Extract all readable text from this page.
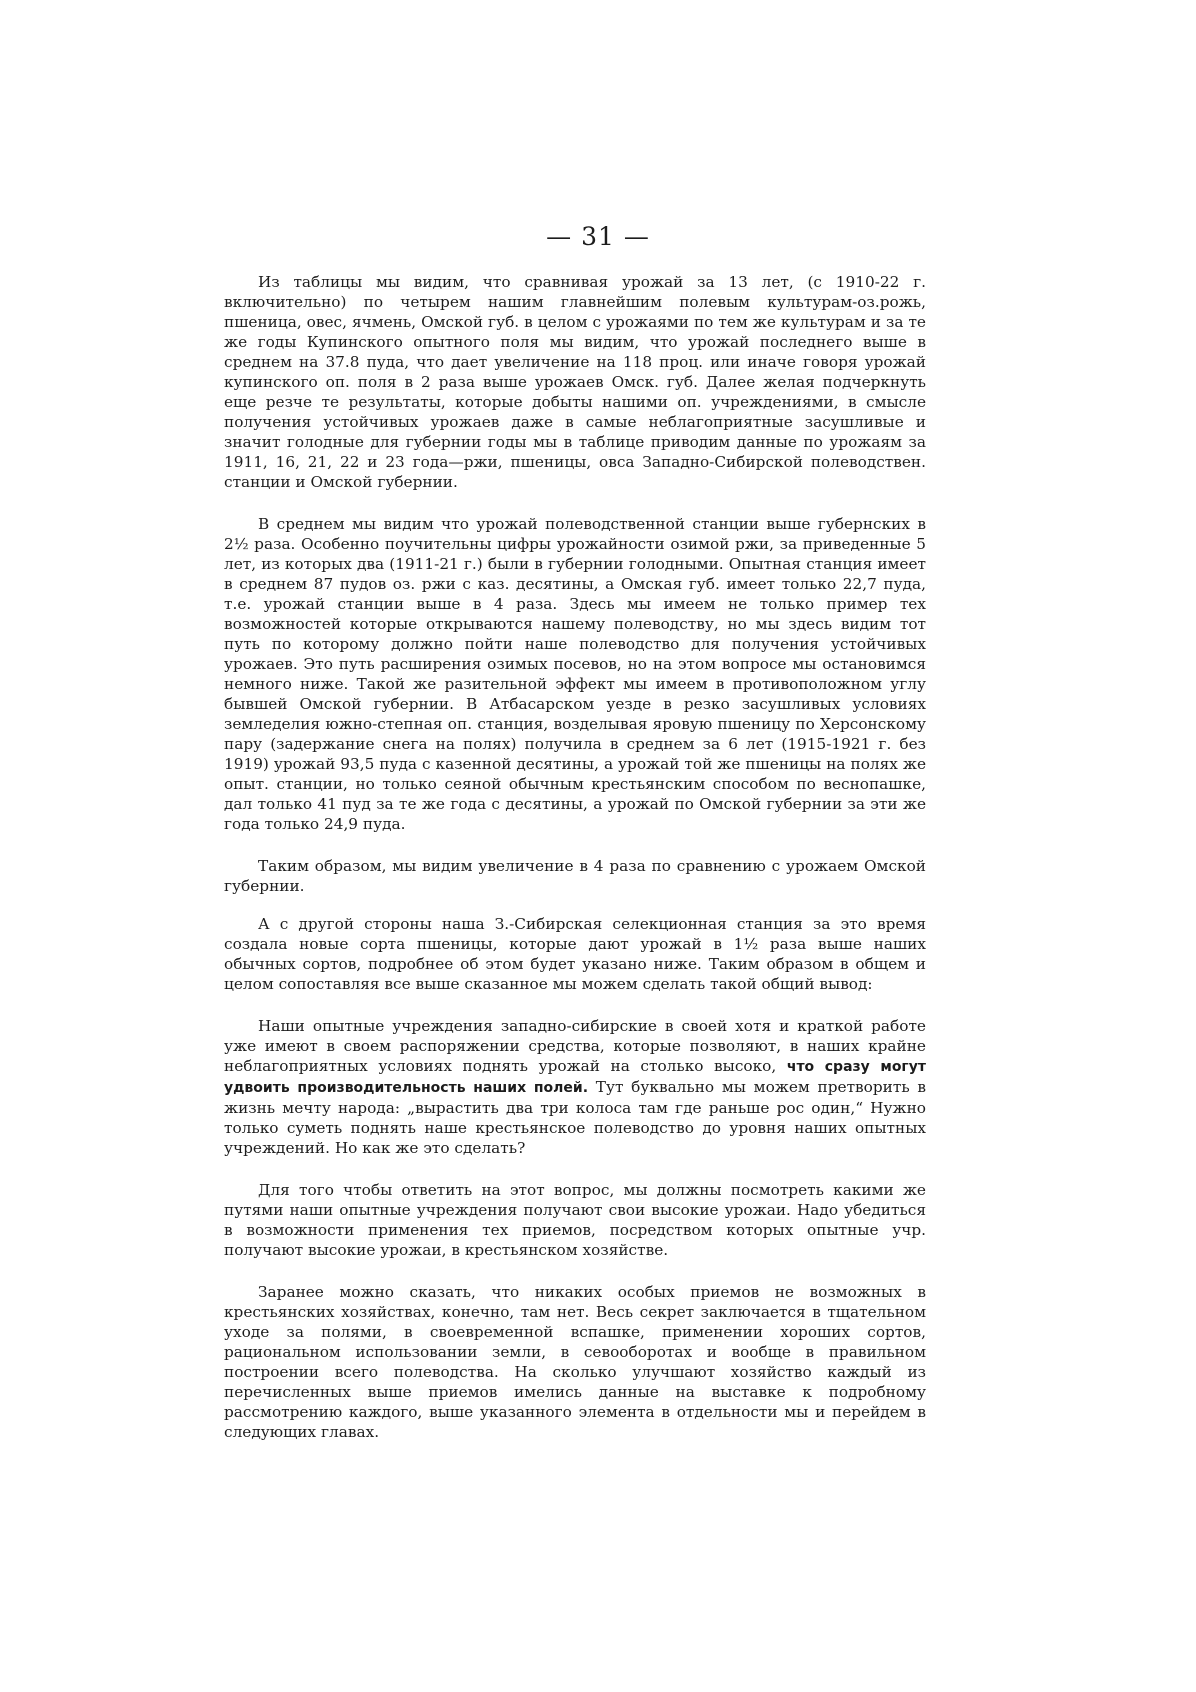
— 31 —

Из таблицы мы видим, что сравнивая урожай за 13 лет, (с 1910-22 г. включительно) по четырем нашим главнейшим полевым культурам-оз.рожь, пшеница, овес, ячмень, Омской губ. в целом с урожаями по тем же культурам и за те же годы Купинского опытного поля мы видим, что урожай последнего выше в среднем на 37.8 пуда, что дает увеличение на 118 проц. или иначе говоря урожай купинского оп. поля в 2 раза выше урожаев Омск. губ. Далее желая подчеркнуть еще резче те результаты, которые добыты нашими оп. учреждениями, в смысле получения устойчивых урожаев даже в самые неблагоприятные засушливые и значит голодные для губернии годы мы в таблице приводим данные по урожаям за 1911, 16, 21, 22 и 23 года—ржи, пшеницы, овса Западно-Сибирской полеводствен. станции и Омской губернии.

В среднем мы видим что урожай полеводственной станции выше губернских в 2½ раза. Особенно поучительны цифры урожайности озимой ржи, за приведенные 5 лет, из которых два (1911-21 г.) были в губернии голодными. Опытная станция имеет в среднем 87 пудов оз. ржи с каз. десятины, а Омская губ. имеет только 22,7 пуда, т.е. урожай станции выше в 4 раза. Здесь мы имеем не только пример тех возможностей которые открываются нашему полеводству, но мы здесь видим тот путь по которому должно пойти наше полеводство для получения устойчивых урожаев. Это путь расширения озимых посевов, но на этом вопросе мы остановимся немного ниже. Такой же разительной эффект мы имеем в противоположном углу бывшей Омской губернии. В Атбасарском уезде в резко засушливых условиях земледелия южно-степная оп. станция, возделывая яровую пшеницу по Херсонскому пару (задержание снега на полях) получила в среднем за 6 лет (1915-1921 г. без 1919) урожай 93,5 пуда с казенной десятины, а урожай той же пшеницы на полях же опыт. станции, но только сеяной обычным крестьянским способом по веснопашке, дал только 41 пуд за те же года с десятины, а урожай по Омской губернии за эти же года только 24,9 пуда.

Таким образом, мы видим увеличение в 4 раза по сравнению с урожаем Омской губернии.

А с другой стороны наша З.-Сибирская селекционная станция за это время создала новые сорта пшеницы, которые дают урожай в 1½ раза выше наших обычных сортов, подробнее об этом будет указано ниже. Таким образом в общем и целом сопоставляя все выше сказанное мы можем сделать такой общий вывод:

Наши опытные учреждения западно-сибирские в своей хотя и краткой работе уже имеют в своем распоряжении средства, которые позволяют, в наших крайне неблагоприятных условиях поднять урожай на столько высоко, что сразу могут удвоить производительность наших полей. Тут буквально мы можем претворить в жизнь мечту народа: „вырастить два три колоса там где раньше рос один,“ Нужно только суметь поднять наше крестьянское полеводство до уровня наших опытных учреждений. Но как же это сделать?

Для того чтобы ответить на этот вопрос, мы должны посмотреть какими же путями наши опытные учреждения получают свои высокие урожаи. Надо убедиться в возможности применения тех приемов, посредством которых опытные учр. получают высокие урожаи, в крестьянском хозяйстве.

Заранее можно сказать, что никаких особых приемов не возможных в крестьянских хозяйствах, конечно, там нет. Весь секрет заключается в тщательном уходе за полями, в своевременной вспашке, применении хороших сортов, рациональном использовании земли, в севооборотах и вообще в правильном построении всего полеводства. На сколько улучшают хозяйство каждый из перечисленных выше приемов имелись данные на выставке к подробному рассмотрению каждого, выше указанного элемента в отдельности мы и перейдем в следующих главах.
